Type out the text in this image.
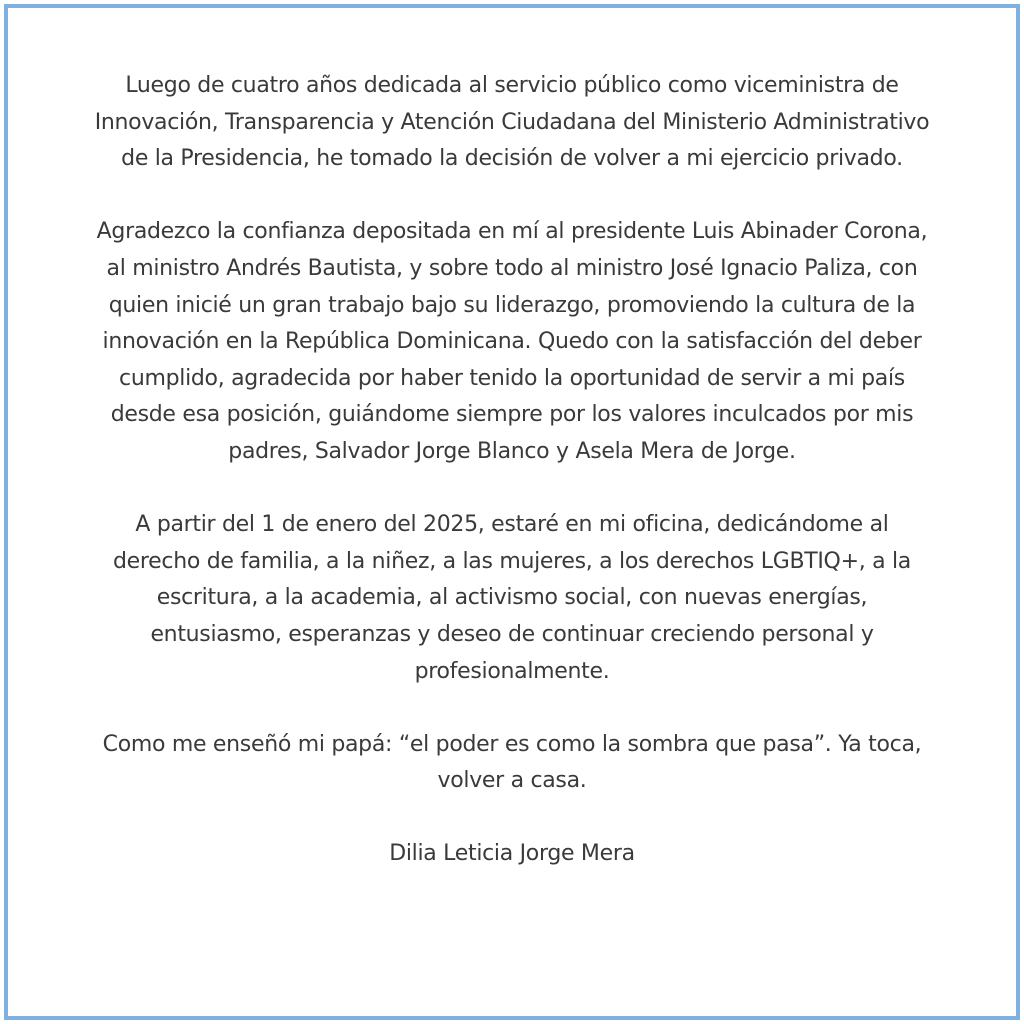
Luego de cuatro años dedicada al servicio público como viceministra de
Innovación, Transparencia y Atención Ciudadana del Ministerio Administrativo
de la Presidencia, he tomado la decisión de volver a mi ejercicio privado.

Agradezco la confianza depositada en mí al presidente Luis Abinader Corona,
al ministro Andrés Bautista, y sobre todo al ministro José Ignacio Paliza, con
quien inicié un gran trabajo bajo su liderazgo, promoviendo la cultura de la
innovación en la República Dominicana. Quedo con la satisfacción del deber
cumplido, agradecida por haber tenido la oportunidad de servir a mi país
desde esa posición, guiándome siempre por los valores inculcados por mis
padres, Salvador Jorge Blanco y Asela Mera de Jorge.

A partir del 1 de enero del 2025, estaré en mi oficina, dedicándome al
derecho de familia, a la niñez, a las mujeres, a los derechos LGBTIQ+, a la
escritura, a la academia, al activismo social, con nuevas energías,
entusiasmo, esperanzas y deseo de continuar creciendo personal y
profesionalmente.

Como me enseñó mi papá: “el poder es como la sombra que pasa”. Ya toca,
volver a casa.

Dilia Leticia Jorge Mera
